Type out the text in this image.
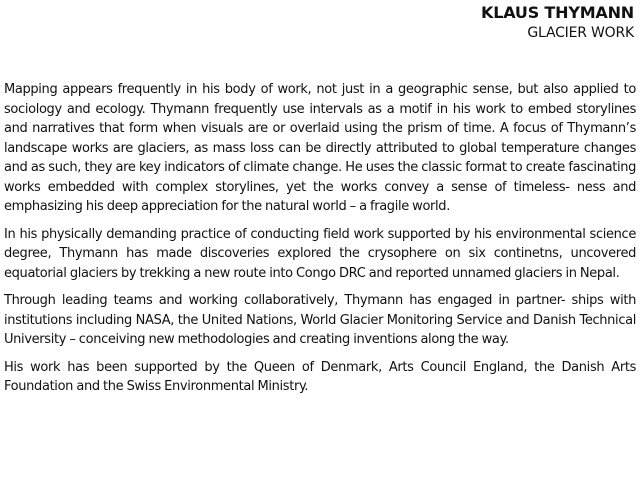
KLAUS THYMANN
GLACIER WORK

Mapping appears frequently in his body of work, not just in a geographic sense, but also applied to sociology and ecology. Thymann frequently use intervals as a motif in his work to embed storylines and narratives that form when visuals are or overlaid using the prism of time. A focus of Thymann’s landscape works are glaciers, as mass loss can be directly attributed to global temperature changes and as such, they are key indicators of climate change. He uses the classic format to create fascinating works embedded with complex storylines, yet the works convey a sense of timeless- ness and emphasizing his deep appreciation for the natural world – a fragile world.

In his physically demanding practice of conducting field work supported by his environmental science degree, Thymann has made discoveries explored the crysophere on six continetns, uncovered equatorial glaciers by trekking a new route into Congo DRC and reported unnamed glaciers in Nepal.

Through leading teams and working collaboratively, Thymann has engaged in partner- ships with institutions including NASA, the United Nations, World Glacier Monitoring Service and Danish Technical University – conceiving new methodologies and creating inventions along the way.

His work has been supported by the Queen of Denmark, Arts Council England, the Danish Arts Foundation and the Swiss Environmental Ministry.
